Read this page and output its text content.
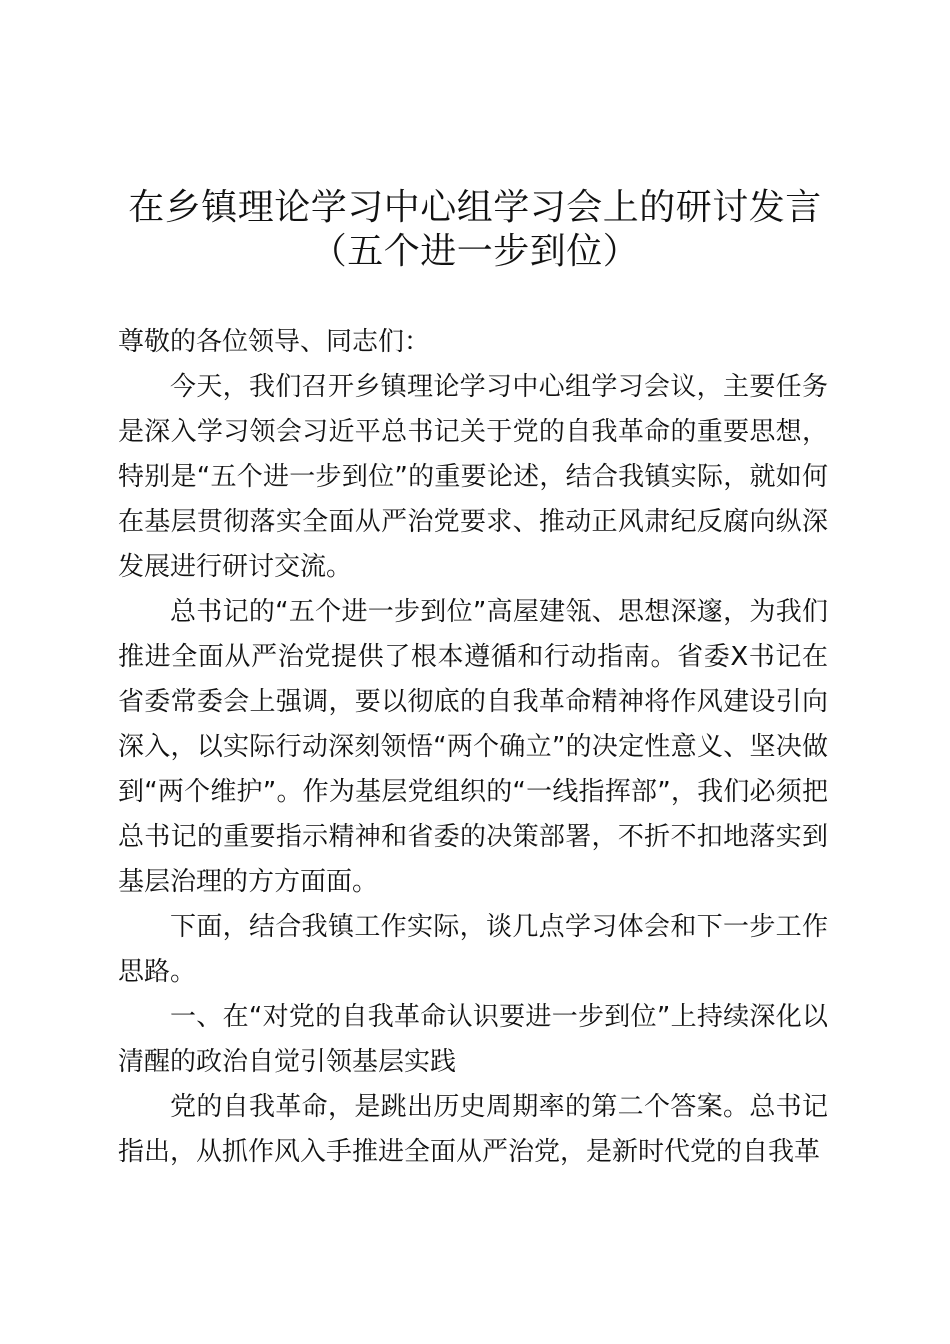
在乡镇理论学习中心组学习会上的研讨发言
（五个进一步到位）

尊敬的各位领导、同志们：

今天，我们召开乡镇理论学习中心组学习会议，主要任务是深入学习领会习近平总书记关于党的自我革命的重要思想，特别是“五个进一步到位”的重要论述，结合我镇实际，就如何在基层贯彻落实全面从严治党要求、推动正风肃纪反腐向纵深发展进行研讨交流。

总书记的“五个进一步到位”高屋建瓴、思想深邃，为我们推进全面从严治党提供了根本遵循和行动指南。省委X书记在省委常委会上强调，要以彻底的自我革命精神将作风建设引向深入，以实际行动深刻领悟“两个确立”的决定性意义、坚决做到“两个维护”。作为基层党组织的“一线指挥部”，我们必须把总书记的重要指示精神和省委的决策部署，不折不扣地落实到基层治理的方方面面。

下面，结合我镇工作实际，谈几点学习体会和下一步工作思路。

一、在“对党的自我革命认识要进一步到位”上持续深化以清醒的政治自觉引领基层实践

党的自我革命，是跳出历史周期率的第二个答案。总书记指出，从抓作风入手推进全面从严治党，是新时代党的自我革
